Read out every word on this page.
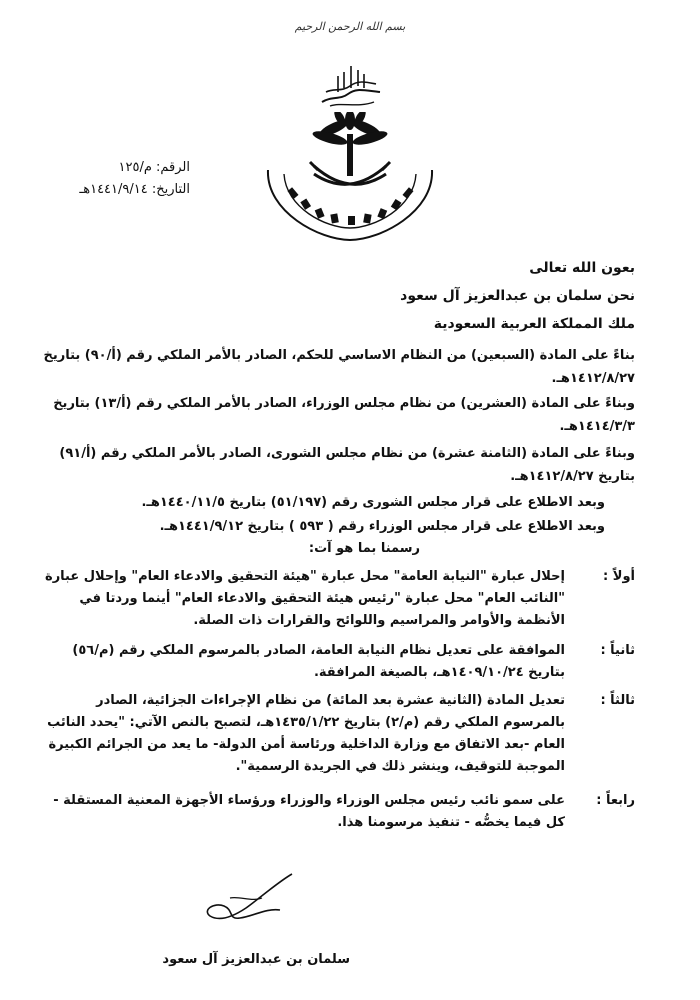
بسم الله الرحمن الرحيم
الرقم: م/١٢٥
التاريخ: ١٤٤١/٩/١٤هـ
بعون الله تعالى
نحن سلمان بن عبدالعزيز آل سعود
ملك المملكة العربية السعودية
بناءً على المادة (السبعين) من النظام الاساسي للحكم، الصادر بالأمر الملكي رقم (أ/٩٠) بتاريخ ١٤١٢/٨/٢٧هـ.
وبناءً على المادة (العشرين) من نظام مجلس الوزراء، الصادر بالأمر الملكي رقم (أ/١٣) بتاريخ ١٤١٤/٣/٣هـ.
وبناءً على المادة (الثامنة عشرة) من نظام مجلس الشورى، الصادر بالأمر الملكي رقم (أ/٩١) بتاريخ ١٤١٢/٨/٢٧هـ.
وبعد الاطلاع على قرار مجلس الشورى رقم (٥١/١٩٧) بتاريخ ١٤٤٠/١١/٥هـ.
وبعد الاطلاع على قرار مجلس الوزراء رقم ( ٥٩٣ ) بتاريخ ١٤٤١/٩/١٢هـ.
رسمنا بما هو آت:
أولاً :
إحلال عبارة "النيابة العامة" محل عبارة "هيئة التحقيق والادعاء العام" وإحلال عبارة "النائب العام" محل عبارة "رئيس هيئة التحقيق والادعاء العام" أينما وردتا في الأنظمة والأوامر والمراسيم واللوائح والقرارات ذات الصلة.
ثانياً :
الموافقة على تعديل نظام النيابة العامة، الصادر بالمرسوم الملكي رقم (م/٥٦) بتاريخ ١٤٠٩/١٠/٢٤هـ، بالصيغة المرافقة.
ثالثاً :
تعديل المادة (الثانية عشرة بعد المائة) من نظام الإجراءات الجزائية، الصادر بالمرسوم الملكي رقم (م/٢) بتاريخ ١٤٣٥/١/٢٢هـ، لتصبح بالنص الآتي: "يحدد النائب العام -بعد الاتفاق مع وزارة الداخلية ورئاسة أمن الدولة- ما يعد من الجرائم الكبيرة الموجبة للتوقيف، وينشر ذلك في الجريدة الرسمية".
رابعاً :
على سمو نائب رئيس مجلس الوزراء والوزراء ورؤساء الأجهزة المعنية المستقلة - كل فيما يخصُّه - تنفيذ مرسومنا هذا.
سلمان بن عبدالعزيز آل سعود
